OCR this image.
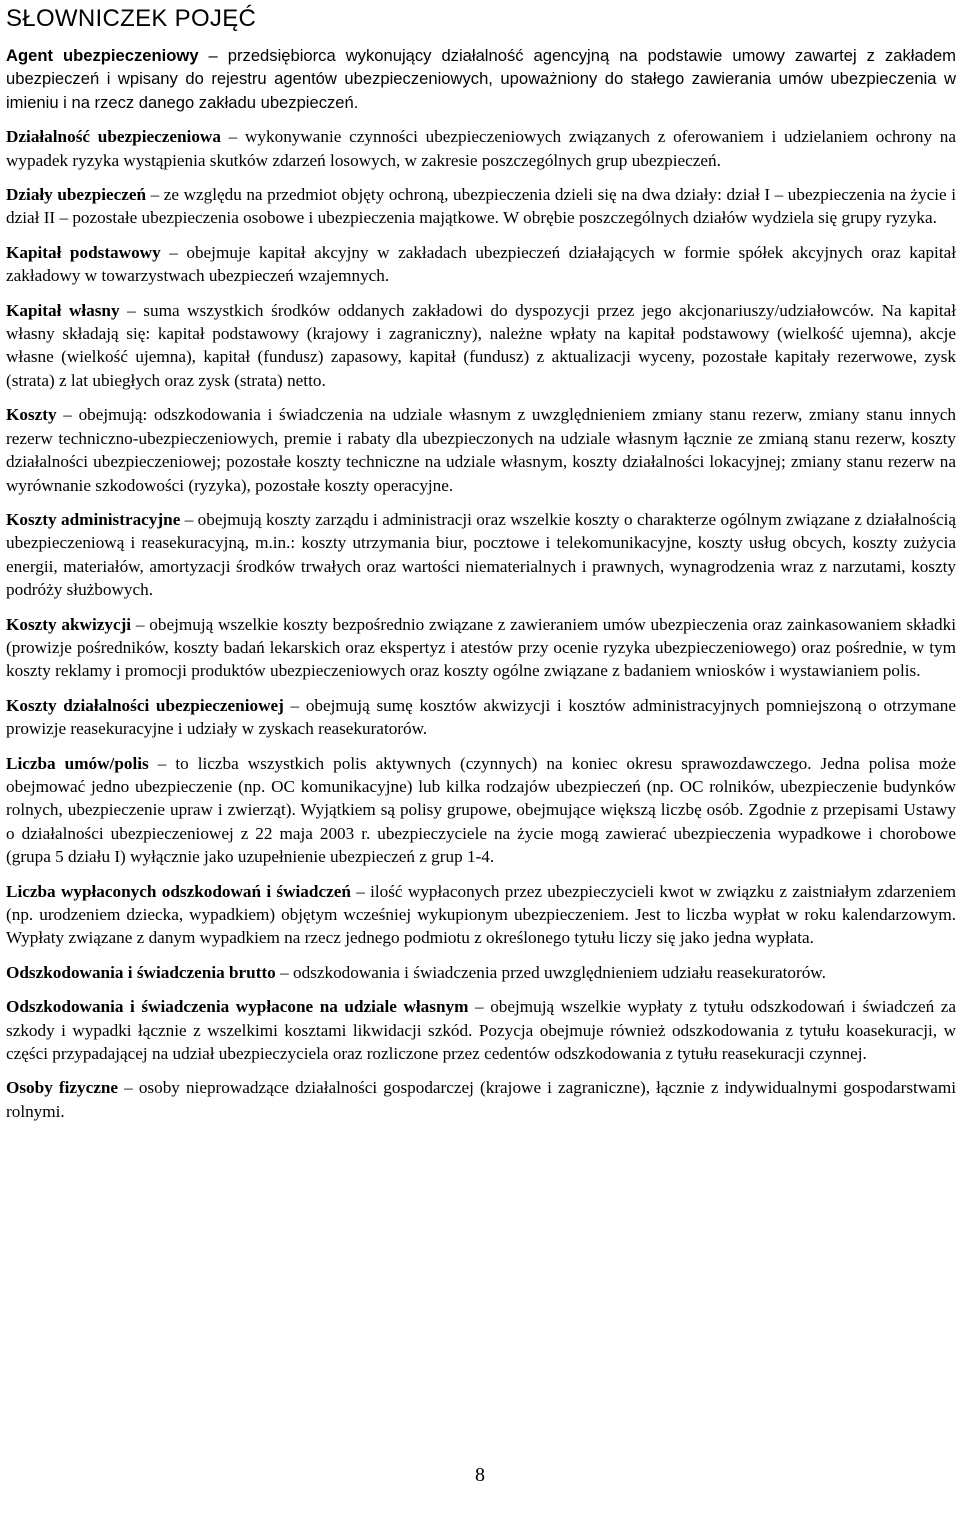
SŁOWNICZEK POJĘĆ

Agent ubezpieczeniowy – przedsiębiorca wykonujący działalność agencyjną na podstawie umowy zawartej z zakładem ubezpieczeń i wpisany do rejestru agentów ubezpieczeniowych, upoważniony do stałego zawierania umów ubezpieczenia w imieniu i na rzecz danego zakładu ubezpieczeń.

Działalność ubezpieczeniowa – wykonywanie czynności ubezpieczeniowych związanych z oferowaniem i udzielaniem ochrony na wypadek ryzyka wystąpienia skutków zdarzeń losowych, w zakresie poszczególnych grup ubezpieczeń.

Działy ubezpieczeń – ze względu na przedmiot objęty ochroną, ubezpieczenia dzieli się na dwa działy: dział I – ubezpieczenia na życie i dział II – pozostałe ubezpieczenia osobowe i ubezpieczenia majątkowe. W obrębie poszczególnych działów wydziela się grupy ryzyka.

Kapitał podstawowy – obejmuje kapitał akcyjny w zakładach ubezpieczeń działających w formie spółek akcyjnych oraz kapitał zakładowy w towarzystwach ubezpieczeń wzajemnych.

Kapitał własny – suma wszystkich środków oddanych zakładowi do dyspozycji przez jego akcjonariuszy/udziałowców. Na kapitał własny składają się: kapitał podstawowy (krajowy i zagraniczny), należne wpłaty na kapitał podstawowy (wielkość ujemna), akcje własne (wielkość ujemna), kapitał (fundusz) zapasowy, kapitał (fundusz) z aktualizacji wyceny, pozostałe kapitały rezerwowe, zysk (strata) z lat ubiegłych oraz zysk (strata) netto.

Koszty – obejmują: odszkodowania i świadczenia na udziale własnym z uwzględnieniem zmiany stanu rezerw, zmiany stanu innych rezerw techniczno-ubezpieczeniowych, premie i rabaty dla ubezpieczonych na udziale własnym łącznie ze zmianą stanu rezerw, koszty działalności ubezpieczeniowej; pozostałe koszty techniczne na udziale własnym, koszty działalności lokacyjnej; zmiany stanu rezerw na wyrównanie szkodowości (ryzyka), pozostałe koszty operacyjne.

Koszty administracyjne – obejmują koszty zarządu i administracji oraz wszelkie koszty o charakterze ogólnym związane z działalnością ubezpieczeniową i reasekuracyjną, m.in.: koszty utrzymania biur, pocztowe i telekomunikacyjne, koszty usług obcych, koszty zużycia energii, materiałów, amortyzacji środków trwałych oraz wartości niematerialnych i prawnych, wynagrodzenia wraz z narzutami, koszty podróży służbowych.

Koszty akwizycji – obejmują wszelkie koszty bezpośrednio związane z zawieraniem umów ubezpieczenia oraz zainkasowaniem składki (prowizje pośredników, koszty badań lekarskich oraz ekspertyz i atestów przy ocenie ryzyka ubezpieczeniowego) oraz pośrednie, w tym koszty reklamy i promocji produktów ubezpieczeniowych oraz koszty ogólne związane z badaniem wniosków i wystawianiem polis.

Koszty działalności ubezpieczeniowej – obejmują sumę kosztów akwizycji i kosztów administracyjnych pomniejszoną o otrzymane prowizje reasekuracyjne i udziały w zyskach reasekuratorów.

Liczba umów/polis – to liczba wszystkich polis aktywnych (czynnych) na koniec okresu sprawozdawczego. Jedna polisa może obejmować jedno ubezpieczenie (np. OC komunikacyjne) lub kilka rodzajów ubezpieczeń (np. OC rolników, ubezpieczenie budynków rolnych, ubezpieczenie upraw i zwierząt). Wyjątkiem są polisy grupowe, obejmujące większą liczbę osób. Zgodnie z przepisami Ustawy o działalności ubezpieczeniowej z 22 maja 2003 r. ubezpieczyciele na życie mogą zawierać ubezpieczenia wypadkowe i chorobowe (grupa 5 działu I) wyłącznie jako uzupełnienie ubezpieczeń z grup 1-4.

Liczba wypłaconych odszkodowań i świadczeń – ilość wypłaconych przez ubezpieczycieli kwot w związku z zaistniałym zdarzeniem (np. urodzeniem dziecka, wypadkiem) objętym wcześniej wykupionym ubezpieczeniem. Jest to liczba wypłat w roku kalendarzowym. Wypłaty związane z danym wypadkiem na rzecz jednego podmiotu z określonego tytułu liczy się jako jedna wypłata.

Odszkodowania i świadczenia brutto – odszkodowania i świadczenia przed uwzględnieniem udziału reasekuratorów.

Odszkodowania i świadczenia wypłacone na udziale własnym – obejmują wszelkie wypłaty z tytułu odszkodowań i świadczeń za szkody i wypadki łącznie z wszelkimi kosztami likwidacji szkód. Pozycja obejmuje również odszkodowania z tytułu koasekuracji, w części przypadającej na udział ubezpieczyciela oraz rozliczone przez cedentów odszkodowania z tytułu reasekuracji czynnej.

Osoby fizyczne – osoby nieprowadzące działalności gospodarczej (krajowe i zagraniczne), łącznie z indywidualnymi gospodarstwami rolnymi.

8
